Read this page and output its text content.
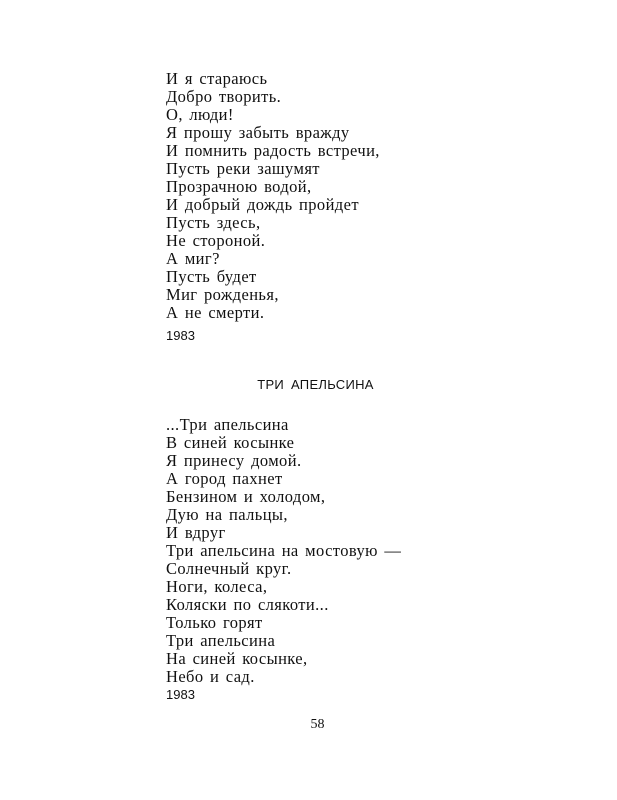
И я стараюсь
Добро творить.
О, люди!
Я прошу забыть вражду
И помнить радость встречи,
Пусть реки зашумят
Прозрачною водой,
И добрый дождь пройдет
Пусть здесь,
Не стороной.
А миг?
Пусть будет
Миг рожденья,
А не смерти.
1983
ТРИ АПЕЛЬСИНА
...Три апельсина
В синей косынке
Я принесу домой.
А город пахнет
Бензином и холодом,
Дую на пальцы,
И вдруг
Три апельсина на мостовую —
Солнечный круг.
Ноги, колеса,
Коляски по слякоти...
Только горят
Три апельсина
На синей косынке,
Небо и сад.
1983
58
